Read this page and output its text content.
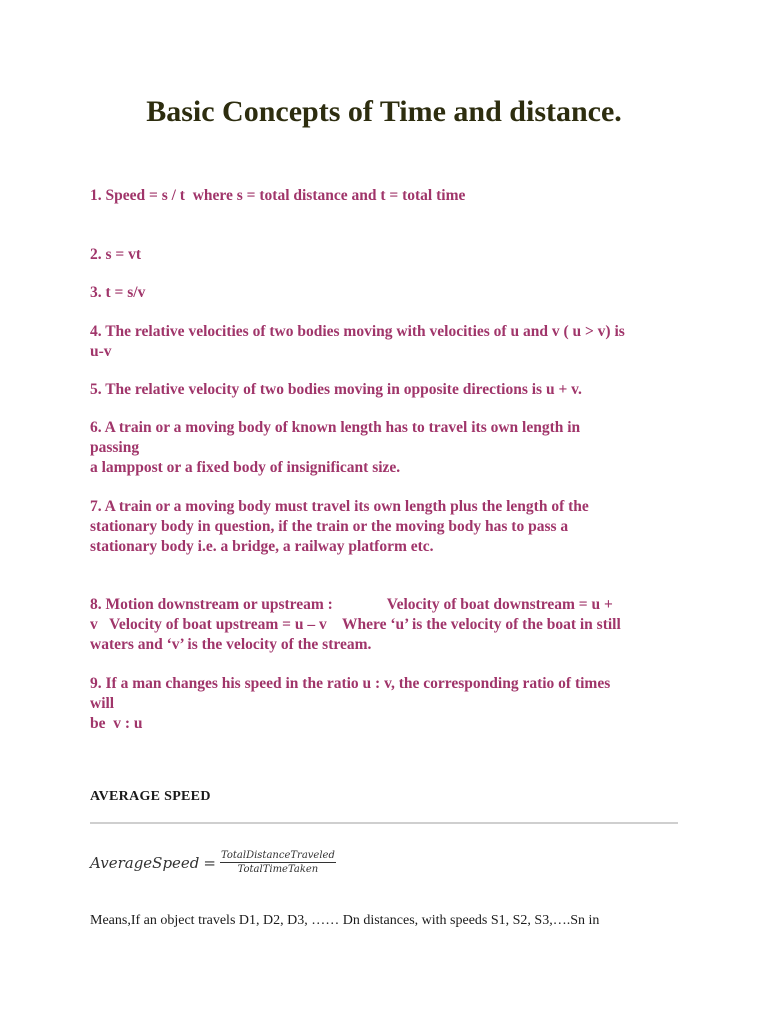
Basic Concepts of Time and distance.

1. Speed = s / t  where s = total distance and t = total time

2. s = vt

3. t = s/v

4. The relative velocities of two bodies moving with velocities of u and v ( u > v) is
u-v

5. The relative velocity of two bodies moving in opposite directions is u + v.

6. A train or a moving body of known length has to travel its own length in
passing
a lamppost or a fixed body of insignificant size.

7. A train or a moving body must travel its own length plus the length of the
stationary body in question, if the train or the moving body has to pass a
stationary body i.e. a bridge, a railway platform etc.

8. Motion downstream or upstream :              Velocity of boat downstream = u +
v   Velocity of boat upstream = u – v    Where ‘u’ is the velocity of the boat in still
waters and ‘v’ is the velocity of the stream.

9. If a man changes his speed in the ratio u : v, the corresponding ratio of times
will
be  v : u

AVERAGE SPEED
AverageSpeed = $\frac{\text{TotalDistanceTraveled}}{\text{TotalTimeTaken}}$

Means,If an object travels D1, D2, D3, …… Dn distances, with speeds S1, S2, S3,….Sn in
